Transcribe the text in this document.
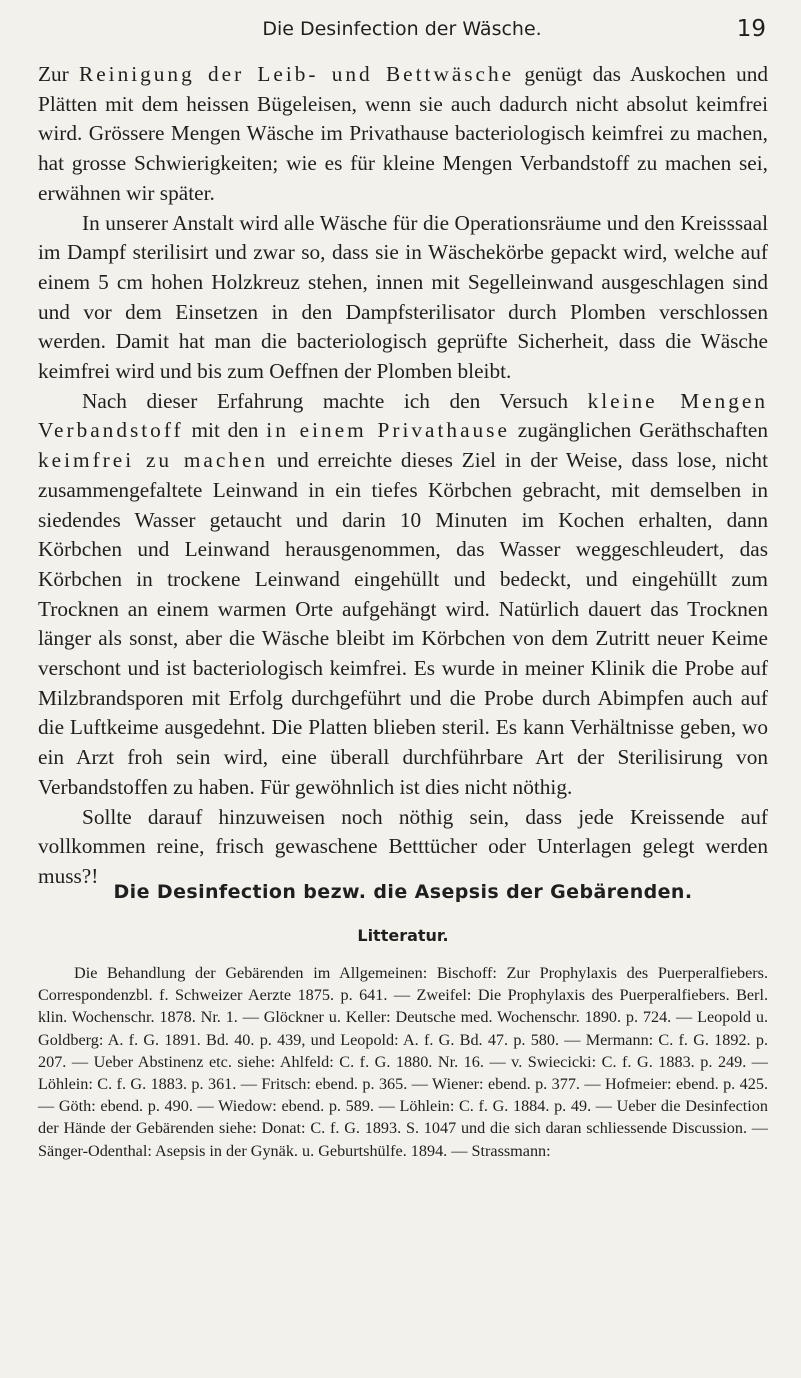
Die Desinfection der Wäsche.	19

Zur Reinigung der Leib- und Bettwäsche genügt das Auskochen und Plätten mit dem heissen Bügeleisen, wenn sie auch dadurch nicht absolut keimfrei wird. Grössere Mengen Wäsche im Privathause bacteriologisch keimfrei zu machen, hat grosse Schwierigkeiten; wie es für kleine Mengen Verbandstoff zu machen sei, erwähnen wir später.

In unserer Anstalt wird alle Wäsche für die Operationsräume und den Kreisssaal im Dampf sterilisirt und zwar so, dass sie in Wäschekörbe gepackt wird, welche auf einem 5 cm hohen Holzkreuz stehen, innen mit Segelleinwand ausgeschlagen sind und vor dem Einsetzen in den Dampfsterilisator durch Plomben verschlossen werden. Damit hat man die bacteriologisch geprüfte Sicherheit, dass die Wäsche keimfrei wird und bis zum Oeffnen der Plomben bleibt.

Nach dieser Erfahrung machte ich den Versuch kleine Mengen Verbandstoff mit den in einem Privathause zugänglichen Geräthschaften keimfrei zu machen und erreichte dieses Ziel in der Weise, dass lose, nicht zusammengefaltete Leinwand in ein tiefes Körbchen gebracht, mit demselben in siedendes Wasser getaucht und darin 10 Minuten im Kochen erhalten, dann Körbchen und Leinwand herausgenommen, das Wasser weggeschleudert, das Körbchen in trockene Leinwand eingehüllt und bedeckt, und eingehüllt zum Trocknen an einem warmen Orte aufgehängt wird. Natürlich dauert das Trocknen länger als sonst, aber die Wäsche bleibt im Körbchen von dem Zutritt neuer Keime verschont und ist bacteriologisch keimfrei. Es wurde in meiner Klinik die Probe auf Milzbrandsporen mit Erfolg durchgeführt und die Probe durch Abimpfen auch auf die Luftkeime ausgedehnt. Die Platten blieben steril. Es kann Verhältnisse geben, wo ein Arzt froh sein wird, eine überall durchführbare Art der Sterilisirung von Verbandstoffen zu haben. Für gewöhnlich ist dies nicht nöthig.

Sollte darauf hinzuweisen noch nöthig sein, dass jede Kreissende auf vollkommen reine, frisch gewaschene Betttücher oder Unterlagen gelegt werden muss?!

Die Desinfection bezw. die Asepsis der Gebärenden.
Litteratur.
Die Behandlung der Gebärenden im Allgemeinen: Bischoff: Zur Prophylaxis des Puerperalfiebers. Correspondenzbl. f. Schweizer Aerzte 1875. p. 641. — Zweifel: Die Prophylaxis des Puerperalfiebers. Berl. klin. Wochenschr. 1878. Nr. 1. — Glöckner u. Keller: Deutsche med. Wochenschr. 1890. p. 724. — Leopold u. Goldberg: A. f. G. 1891. Bd. 40. p. 439, und Leopold: A. f. G. Bd. 47. p. 580. — Mermann: C. f. G. 1892. p. 207. — Ueber Abstinenz etc. siehe: Ahlfeld: C. f. G. 1880. Nr. 16. — v. Swiecicki: C. f. G. 1883. p. 249. — Löhlein: C. f. G. 1883. p. 361. — Fritsch: ebend. p. 365. — Wiener: ebend. p. 377. — Hofmeier: ebend. p. 425. — Göth: ebend. p. 490. — Wiedow: ebend. p. 589. — Löhlein: C. f. G. 1884. p. 49. — Ueber die Desinfection der Hände der Gebärenden siehe: Donat: C. f. G. 1893. S. 1047 und die sich daran schliessende Discussion. — Sänger-Odenthal: Asepsis in der Gynäk. u. Geburtshülfe. 1894. — Strassmann:
